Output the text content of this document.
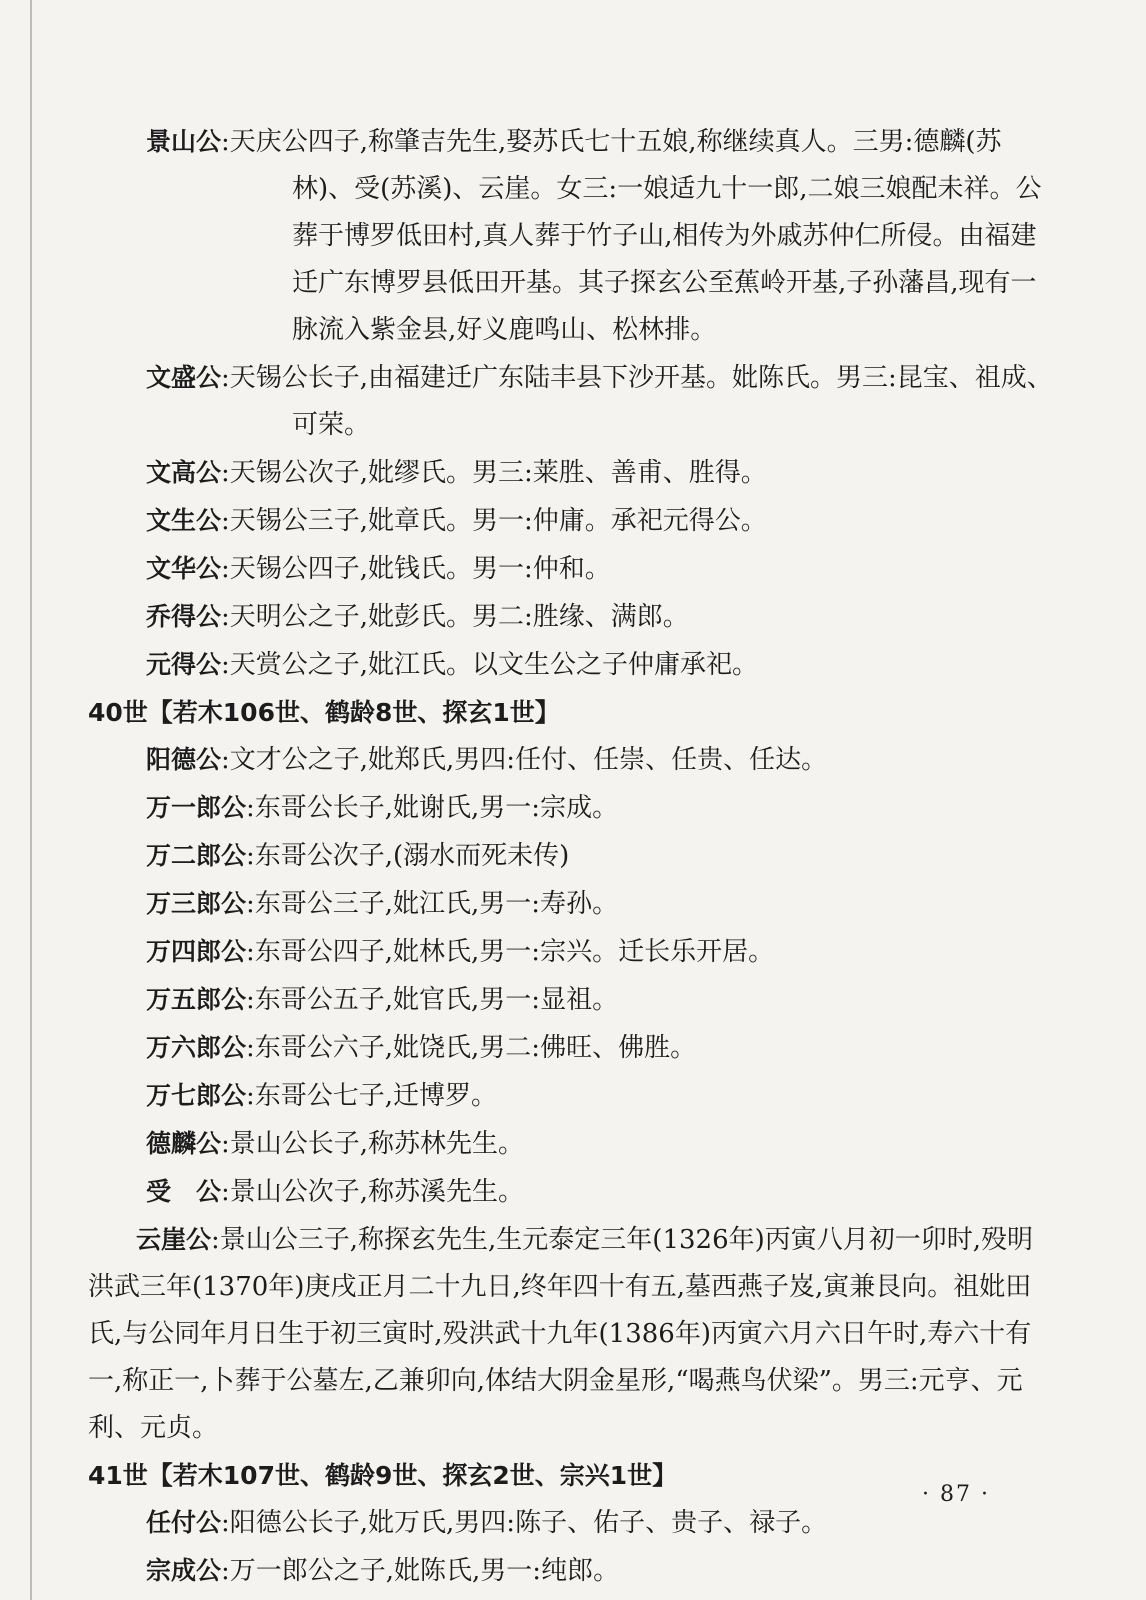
景山公:天庆公四子,称肇吉先生,娶苏氏七十五娘,称继续真人。三男:德麟(苏林)、受(苏溪)、云崖。女三:一娘适九十一郎,二娘三娘配未祥。公葬于博罗低田村,真人葬于竹子山,相传为外戚苏仲仁所侵。由福建迁广东博罗县低田开基。其子探玄公至蕉岭开基,子孙藩昌,现有一脉流入紫金县,好义鹿鸣山、松林排。
文盛公:天锡公长子,由福建迁广东陆丰县下沙开基。妣陈氏。男三:昆宝、祖成、可荣。
文高公:天锡公次子,妣缪氏。男三:莱胜、善甫、胜得。
文生公:天锡公三子,妣章氏。男一:仲庸。承祀元得公。
文华公:天锡公四子,妣钱氏。男一:仲和。
乔得公:天明公之子,妣彭氏。男二:胜缘、满郎。
元得公:天赏公之子,妣江氏。以文生公之子仲庸承祀。
40世【若木106世、鹤龄8世、探玄1世】
阳德公:文才公之子,妣郑氏,男四:任付、任崇、任贵、任达。
万一郎公:东哥公长子,妣谢氏,男一:宗成。
万二郎公:东哥公次子,(溺水而死未传)
万三郎公:东哥公三子,妣江氏,男一:寿孙。
万四郎公:东哥公四子,妣林氏,男一:宗兴。迁长乐开居。
万五郎公:东哥公五子,妣官氏,男一:显祖。
万六郎公:东哥公六子,妣饶氏,男二:佛旺、佛胜。
万七郎公:东哥公七子,迁博罗。
德麟公:景山公长子,称苏林先生。
受　公:景山公次子,称苏溪先生。
云崖公:景山公三子,称探玄先生,生元泰定三年(1326年)丙寅八月初一卯时,殁明洪武三年(1370年)庚戌正月二十九日,终年四十有五,墓西燕子岌,寅兼艮向。祖妣田氏,与公同年月日生于初三寅时,殁洪武十九年(1386年)丙寅六月六日午时,寿六十有一,称正一,卜葬于公墓左,乙兼卯向,体结大阴金星形,“喝燕鸟伏梁”。男三:元亨、元利、元贞。
41世【若木107世、鹤龄9世、探玄2世、宗兴1世】
任付公:阳德公长子,妣万氏,男四:陈子、佑子、贵子、禄子。
宗成公:万一郎公之子,妣陈氏,男一:纯郎。
· 87 ·
